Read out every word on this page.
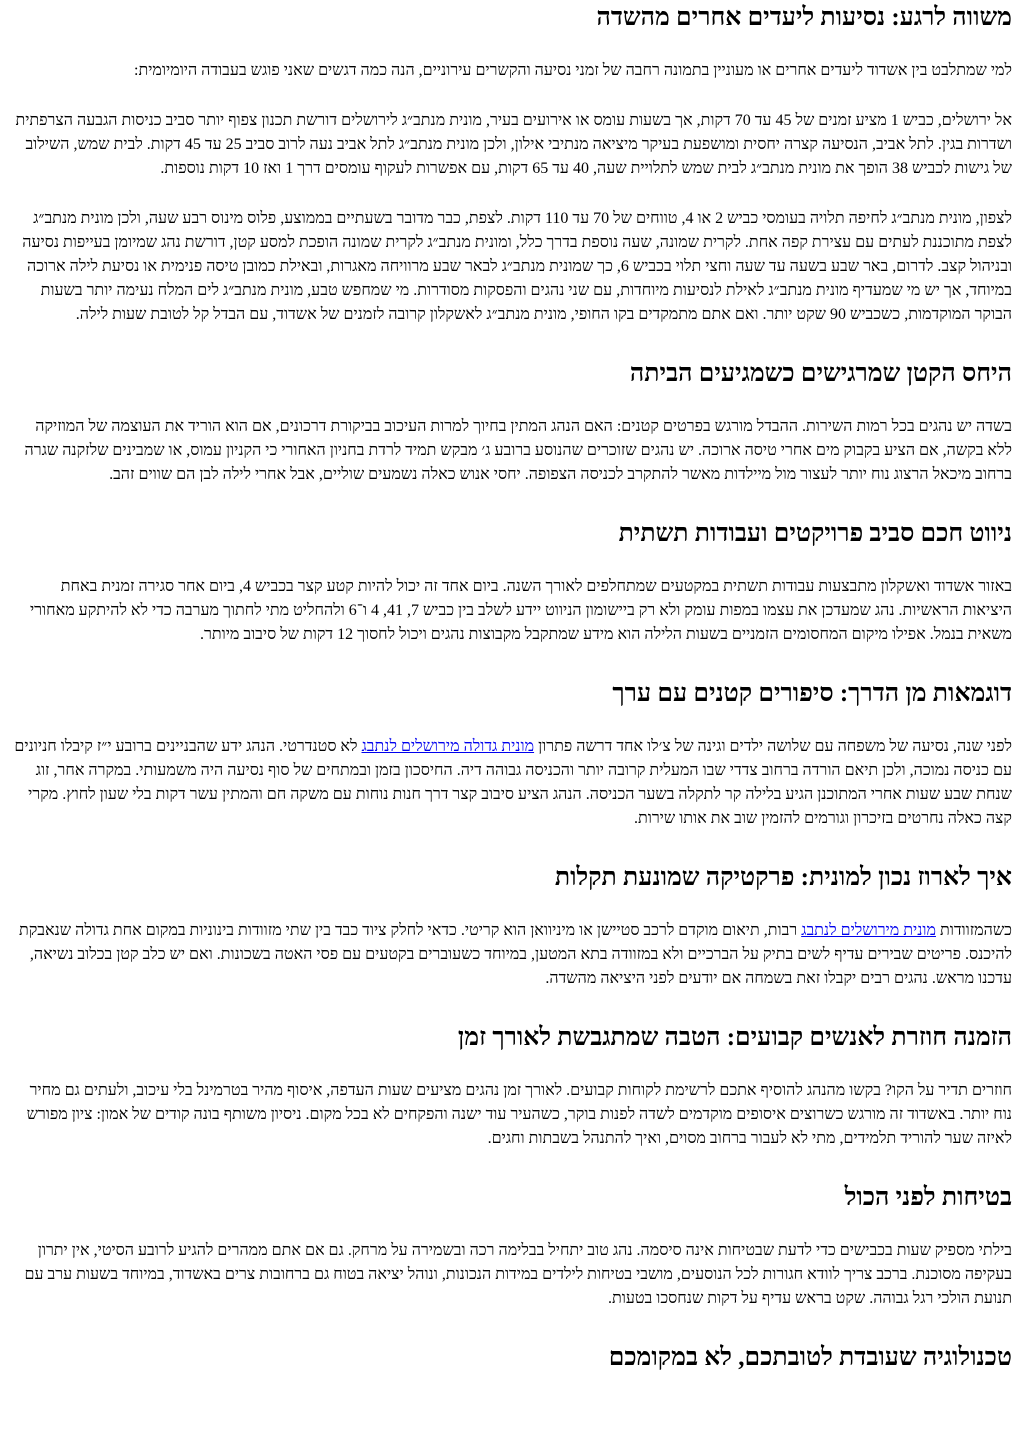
משווה לרגע: נסיעות ליעדים אחרים מהשדה

למי שמתלבט בין אשדוד ליעדים אחרים או מעוניין בתמונה רחבה של זמני נסיעה והקשרים עירוניים, הנה כמה דגשים שאני פוגש בעבודה היומיומית:

אל ירושלים, כביש 1 מציע זמנים של 45 עד 70 דקות, אך בשעות עומס או אירועים בעיר, מונית מנתב״ג לירושלים דורשת תכנון צפוף יותר סביב כניסות הגבעה הצרפתית ושדרות בגין. לתל אביב, הנסיעה קצרה יחסית ומושפעת בעיקר מיציאה מנתיבי אילון, ולכן מונית מנתב״ג לתל אביב נעה לרוב סביב 25 עד 45 דקות. לבית שמש, השילוב של גישות לכביש 38 הופך את מונית מנתב״ג לבית שמש לתלויית שעה, 40 עד 65 דקות, עם אפשרות לעקוף עומסים דרך 1 ואז 10 דקות נוספות.

לצפון, מונית מנתב״ג לחיפה תלויה בעומסי כביש 2 או 4, טווחים של 70 עד 110 דקות. לצפת, כבר מדובר בשעתיים בממוצע, פלוס מינוס רבע שעה, ולכן מונית מנתב״ג לצפת מתוכננת לעתים עם עצירת קפה אחת. לקרית שמונה, שעה נוספת בדרך כלל, ומונית מנתב״ג לקרית שמונה הופכת למסע קטן, דורשת נהג שמיומן בעייפות נסיעה ובניהול קצב. לדרום, באר שבע בשעה עד שעה וחצי תלוי בכביש 6, כך שמונית מנתב״ג לבאר שבע מרוויחה מאגרות, ובאילת כמובן טיסה פנימית או נסיעת לילה ארוכה במיוחד, אך יש מי שמעדיף מונית מנתב״ג לאילת לנסיעות מיוחדות, עם שני נהגים והפסקות מסודרות. מי שמחפש טבע, מונית מנתב״ג לים המלח נעימה יותר בשעות הבוקר המוקדמות, כשכביש 90 שקט יותר. ואם אתם מתמקדים בקו החופי, מונית מנתב״ג לאשקלון קרובה לזמנים של אשדוד, עם הבדל קל לטובת שעות לילה.

היחס הקטן שמרגישים כשמגיעים הביתה

בשדה יש נהגים בכל רמות השירות. ההבדל מורגש בפרטים קטנים: האם הנהג המתין בחיוך למרות העיכוב בביקורת דרכונים, אם הוא הוריד את העוצמה של המוזיקה ללא בקשה, אם הציע בקבוק מים אחרי טיסה ארוכה. יש נהגים שזוכרים שהנוסע ברובע ג׳ מבקש תמיד לרדת בחניון האחורי כי הקניון עמוס, או שמבינים שלזקנה שגרה ברחוב מיכאל הרצוג נוח יותר לעצור מול מיילדות מאשר להתקרב לכניסה הצפופה. יחסי אנוש כאלה נשמעים שוליים, אבל אחרי לילה לבן הם שווים זהב.

ניווט חכם סביב פרויקטים ועבודות תשתית

באזור אשדוד ואשקלון מתבצעות עבודות תשתית במקטעים שמתחלפים לאורך השנה. ביום אחד זה יכול להיות קטע קצר בכביש 4, ביום אחר סגירה זמנית באחת היציאות הראשיות. נהג שמעדכן את עצמו במפות עומק ולא רק ביישומון הניווט יידע לשלב בין כביש 7, 41, 4 ו־6 ולהחליט מתי לחתוך מערבה כדי לא להיתקע מאחורי משאית בנמל. אפילו מיקום המחסומים הזמניים בשעות הלילה הוא מידע שמתקבל מקבוצות נהגים ויכול לחסוך 12 דקות של סיבוב מיותר.

דוגמאות מן הדרך: סיפורים קטנים עם ערך

לפני שנה, נסיעה של משפחה עם שלושה ילדים וגינה של צ׳לו אחד דרשה פתרון מונית גדולה מירושלים לנתבג לא סטנדרטי. הנהג ידע שהבניינים ברובע י״ז קיבלו חניונים עם כניסה נמוכה, ולכן תיאם הורדה ברחוב צדדי שבו המעלית קרובה יותר והכניסה גבוהה דיה. החיסכון בזמן ובמתחים של סוף נסיעה היה משמעותי. במקרה אחר, זוג שנחת שבע שעות אחרי המתוכנן הגיע בלילה קר לתקלה בשער הכניסה. הנהג הציע סיבוב קצר דרך חנות נוחות עם משקה חם והמתין עשר דקות בלי שעון לחוץ. מקרי קצה כאלה נחרטים בזיכרון וגורמים להזמין שוב את אותו שירות.

איך לארוז נכון למונית: פרקטיקה שמונעת תקלות

כשהמזוודות מונית מירושלים לנתבג רבות, תיאום מוקדם לרכב סטיישן או מיניוואן הוא קריטי. כדאי לחלק ציוד כבד בין שתי מזוודות בינוניות במקום אחת גדולה שנאבקת להיכנס. פריטים שבירים עדיף לשים בתיק על הברכיים ולא במזוודה בתא המטען, במיוחד כשעוברים בקטעים עם פסי האטה בשכונות. ואם יש כלב קטן בכלוב נשיאה, עדכנו מראש. נהגים רבים יקבלו זאת בשמחה אם יודעים לפני היציאה מהשדה.

הזמנה חוזרת לאנשים קבועים: הטבה שמתגבשת לאורך זמן

חוזרים תדיר על הקו? בקשו מהנהג להוסיף אתכם לרשימת לקוחות קבועים. לאורך זמן נהגים מציעים שעות העדפה, איסוף מהיר בטרמינל בלי עיכוב, ולעתים גם מחיר נוח יותר. באשדוד זה מורגש כשרוצים איסופים מוקדמים לשדה לפנות בוקר, כשהעיר עוד ישנה והפקחים לא בכל מקום. ניסיון משותף בונה קודים של אמון: ציון מפורש לאיזה שער להוריד תלמידים, מתי לא לעבור ברחוב מסוים, ואיך להתנהל בשבתות וחגים.

בטיחות לפני הכול

בילתי מספיק שעות בכבישים כדי לדעת שבטיחות אינה סיסמה. נהג טוב יתחיל בבלימה רכה ובשמירה על מרחק. גם אם אתם ממהרים להגיע לרובע הסיטי, אין יתרון בעקיפה מסוכנת. ברכב צריך לוודא חגורות לכל הנוסעים, מושבי בטיחות לילדים במידות הנכונות, ונוהל יציאה בטוח גם ברחובות צרים באשדוד, במיוחד בשעות ערב עם תנועת הולכי רגל גבוהה. שקט בראש עדיף על דקות שנחסכו בטעות.

טכנולוגיה שעובדת לטובתכם, לא במקומכם
